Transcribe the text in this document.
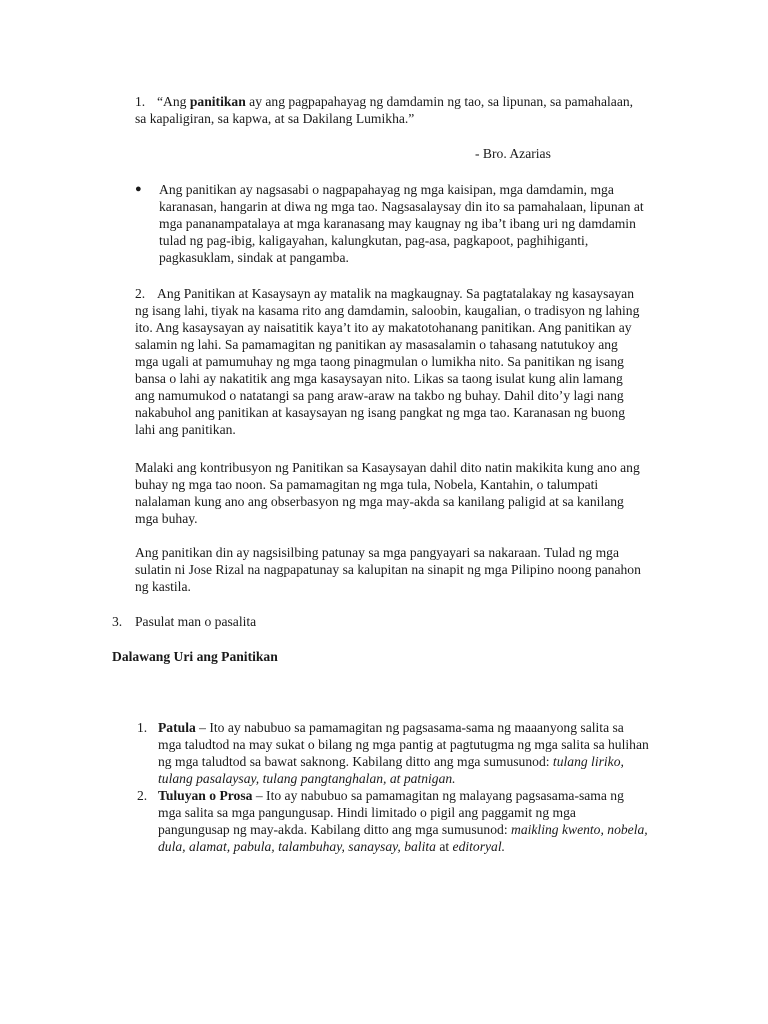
1. “Ang panitikan ay ang pagpapahayag ng damdamin ng tao, sa lipunan, sa pamahalaan, sa kapaligiran, sa kapwa, at sa Dakilang Lumikha.”

- Bro. Azarias

● Ang panitikan ay nagsasabi o nagpapahayag ng mga kaisipan, mga damdamin, mga karanasan, hangarin at diwa ng mga tao. Nagsasalaysay din ito sa pamahalaan, lipunan at mga pananampatalaya at mga karanasang may kaugnay ng iba’t ibang uri ng damdamin tulad ng pag-ibig, kaligayahan, kalungkutan, pag-asa, pagkapoot, paghihiganti, pagkasuklam, sindak at pangamba.

2. Ang Panitikan at Kasaysayn ay matalik na magkaugnay. Sa pagtatalakay ng kasaysayan ng isang lahi, tiyak na kasama rito ang damdamin, saloobin, kaugalian, o tradisyon ng lahing ito. Ang kasaysayan ay naisatitik kaya’t ito ay makatotohanang panitikan. Ang panitikan ay salamin ng lahi. Sa pamamagitan ng panitikan ay masasalamin o tahasang natutukoy ang mga ugali at pamumuhay ng mga taong pinagmulan o lumikha nito. Sa panitikan ng isang bansa o lahi ay nakatitik ang mga kasaysayan nito. Likas sa taong isulat kung alin lamang ang namumukod o natatangi sa pang araw-araw na takbo ng buhay. Dahil dito’y lagi nang nakabuhol ang panitikan at kasaysayan ng isang pangkat ng mga tao. Karanasan ng buong lahi ang panitikan.

Malaki ang kontribusyon ng Panitikan sa Kasaysayan dahil dito natin makikita kung ano ang buhay ng mga tao noon. Sa pamamagitan ng mga tula, Nobela, Kantahin, o talumpati nalalaman kung ano ang obserbasyon ng mga may-akda sa kanilang paligid at sa kanilang mga buhay.

Ang panitikan din ay nagsisilbing patunay sa mga pangyayari sa nakaraan. Tulad ng mga sulatin ni Jose Rizal na nagpapatunay sa kalupitan na sinapit ng mga Pilipino noong panahon ng kastila.

3. Pasulat man o pasalita

Dalawang Uri ang Panitikan

1. Patula – Ito ay nabubuo sa pamamagitan ng pagsasama-sama ng maaanyong salita sa mga taludtod na may sukat o bilang ng mga pantig at pagtutugma ng mga salita sa hulihan ng mga taludtod sa bawat saknong. Kabilang ditto ang mga sumusunod: tulang liriko, tulang pasalaysay, tulang pangtanghalan, at patnigan.

2. Tuluyan o Prosa – Ito ay nabubuo sa pamamagitan ng malayang pagsasama-sama ng mga salita sa mga pangungusap. Hindi limitado o pigil ang paggamit ng mga pangungusap ng may-akda. Kabilang ditto ang mga sumusunod: maikling kwento, nobela, dula, alamat, pabula, talambuhay, sanaysay, balita at editoryal.
